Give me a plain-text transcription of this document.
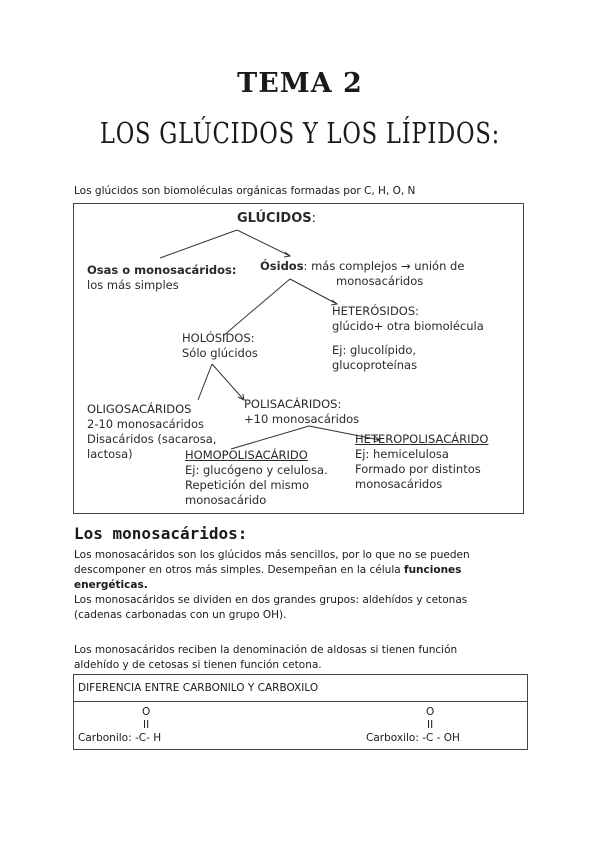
TEMA 2
LOS GLÚCIDOS Y LOS LÍPIDOS:
Los glúcidos son biomoléculas orgánicas formadas por C, H, O, N
GLÚCIDOS:
Osas o monosacáridos:
los más simples
Ósidos: más complejos → unión de
monosacáridos
HETERÓSIDOS:
glúcido+ otra biomolécula

Ej: glucolípido,
glucoproteínas
HOLÓSIDOS:
Sólo glúcidos
OLIGOSACÁRIDOS
2-10 monosacáridos
Disacáridos (sacarosa,
lactosa)
POLISACÁRIDOS:
+10 monosacáridos
HOMOPOLISACÁRIDO
Ej: glucógeno y celulosa.
Repetición del mismo
monosacárido
HETEROPOLISACÁRIDO
Ej: hemicelulosa
Formado por distintos
monosacáridos
Los monosacáridos:
Los monosacáridos son los glúcidos más sencillos, por lo que no se pueden
descomponer en otros más simples. Desempeñan en la célula funciones
energéticas.
Los monosacáridos se dividen en dos grandes grupos: aldehídos y cetonas
(cadenas carbonadas con un grupo OH).
Los monosacáridos reciben la denominación de aldosas si tienen función
aldehído y de cetosas si tienen función cetona.
DIFERENCIA ENTRE CARBONILO Y CARBOXILO
O
II
Carbonilo: -C- H
O
II
Carboxilo: -C - OH
